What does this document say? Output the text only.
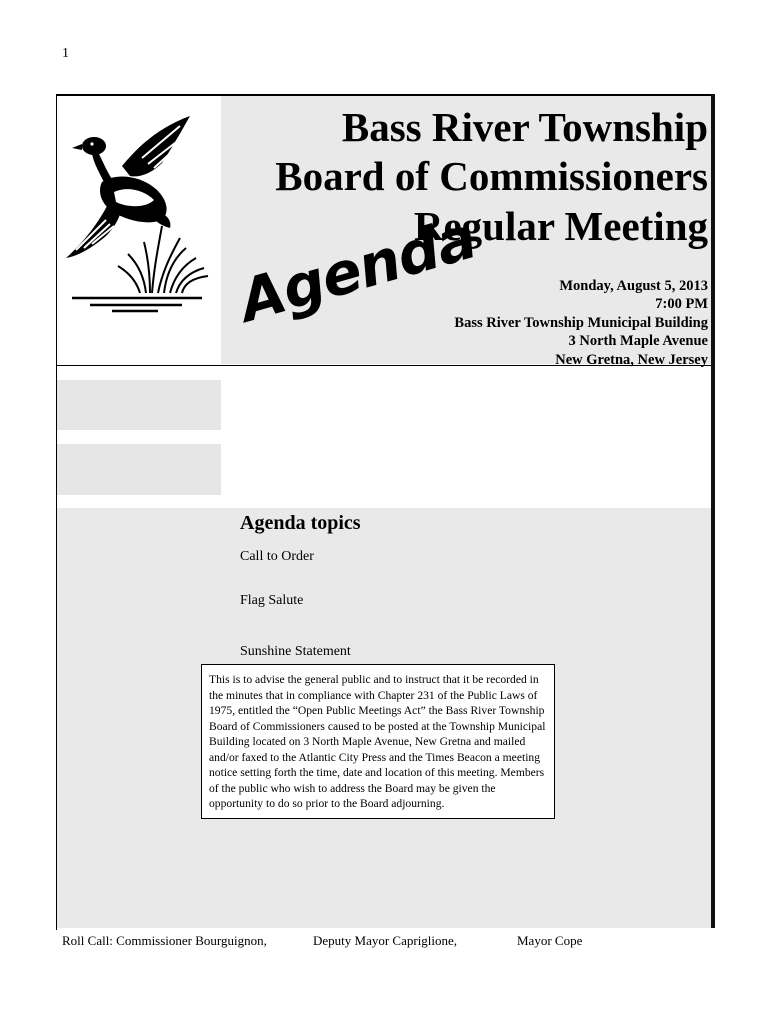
1
Bass River Township
Board of Commissioners
Regular Meeting
Agenda	Monday, August 5, 2013
7:00 PM
Bass River Township Municipal Building
3 North Maple Avenue
New Gretna, New Jersey
Agenda topics
Call to Order
Flag Salute
Sunshine Statement
This is to advise the general public and to instruct that it be recorded in the minutes that in compliance with Chapter 231 of the Public Laws of 1975, entitled the “Open Public Meetings Act” the Bass River Township Board of Commissioners caused to be posted at the Township Municipal Building located on 3 North Maple Avenue, New Gretna and mailed and/or faxed to the Atlantic City Press and the Times Beacon a meeting notice setting forth the time, date and location of this meeting. Members of the public who wish to address the Board may be given the opportunity to do so prior to the Board adjourning.
Roll Call: Commissioner Bourguignon,	Deputy Mayor Capriglione,	Mayor Cope
